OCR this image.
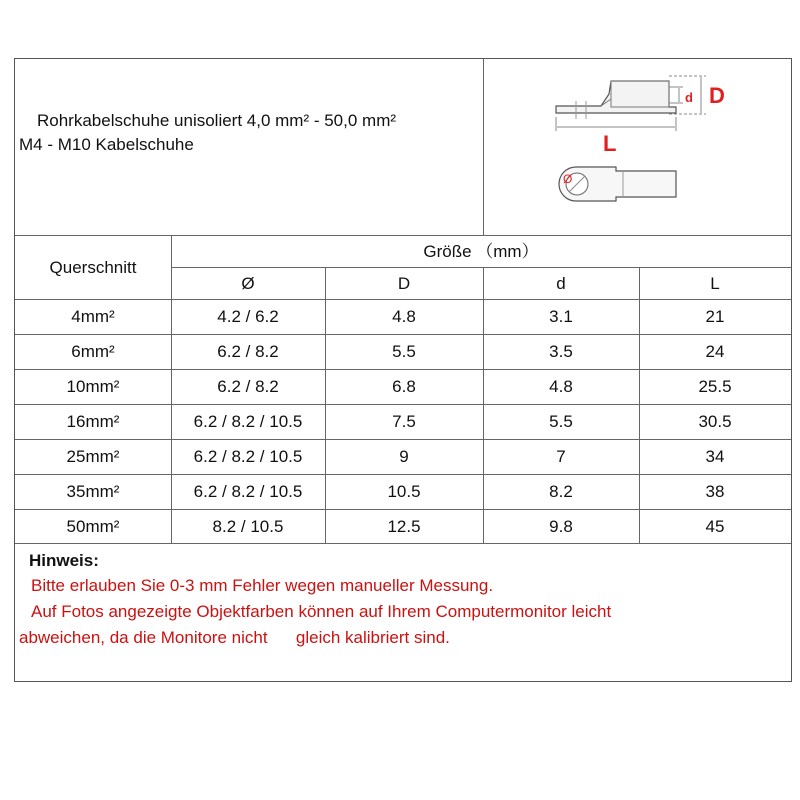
Rohrkabelschuhe unisoliert 4,0 mm² - 50,0 mm²
M4 - M10 Kabelschuhe
D
d
L
Ø
Querschnitt
Größe （mm）
Ø	D	d	L
4mm²	4.2 / 6.2	4.8	3.1	21
6mm²	6.2 / 8.2	5.5	3.5	24
10mm²	6.2 / 8.2	6.8	4.8	25.5
16mm²	6.2 / 8.2 / 10.5	7.5	5.5	30.5
25mm²	6.2 / 8.2 / 10.5	9	7	34
35mm²	6.2 / 8.2 / 10.5	10.5	8.2	38
50mm²	8.2 / 10.5	12.5	9.8	45
Hinweis:
Bitte erlauben Sie 0-3 mm Fehler wegen manueller Messung.
Auf Fotos angezeigte Objektfarben können auf Ihrem Computermonitor leicht
abweichen, da die Monitore nicht      gleich kalibriert sind.
